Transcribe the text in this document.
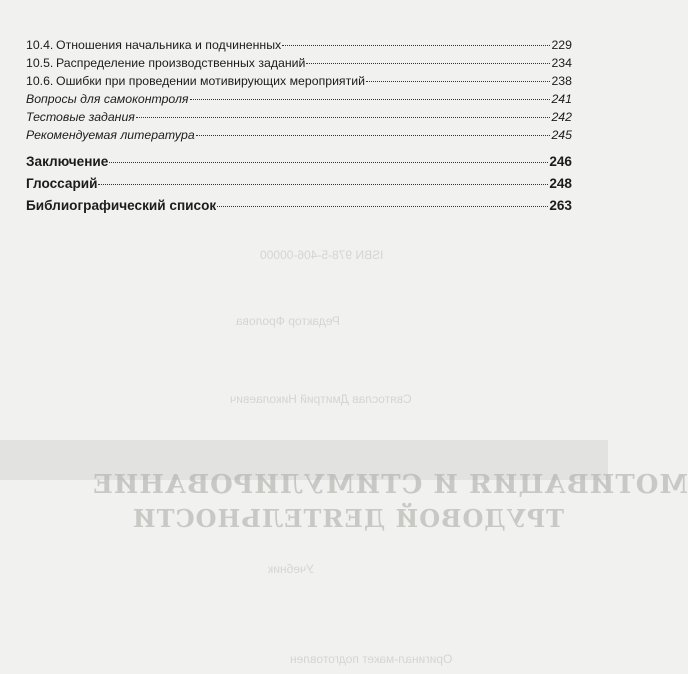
МОТИВАЦИЯ И СТИМУЛИРОВАНИЕ
ТРУДОВОЙ ДЕЯТЕЛЬНОСТИ
Святослав Дмитрий Николаевич
Учебник
Редактор Фролова
ISBN 978-5-406-00000
Оригинал-макет подготовлен
10.4. Отношения начальника и подчиненных	229
10.5. Распределение производственных заданий	234
10.6. Ошибки при проведении мотивирующих мероприятий	238
Вопросы для самоконтроля	241
Тестовые задания	242
Рекомендуемая литература	245
Заключение	246
Глоссарий	248
Библиографический список	263
